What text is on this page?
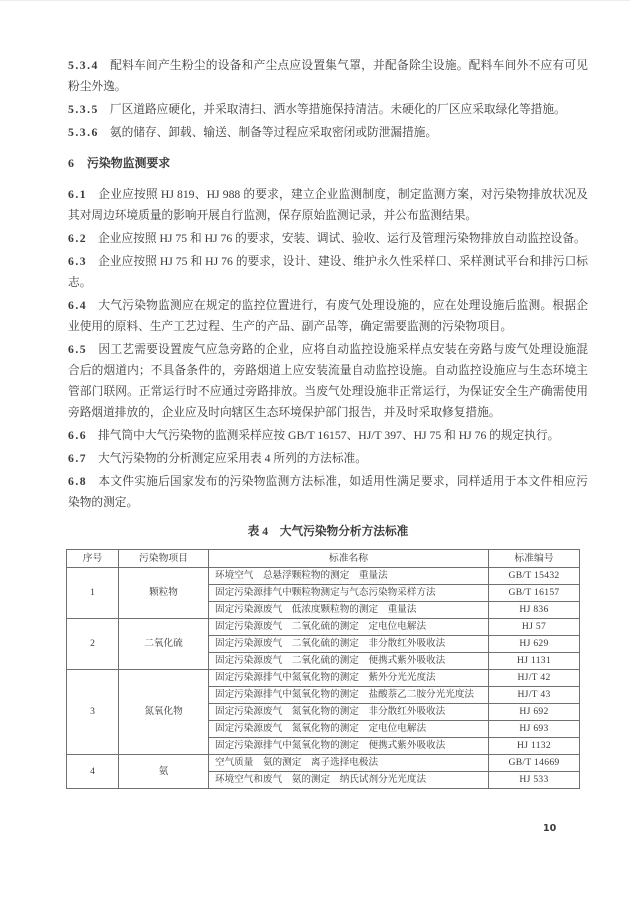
5.3.4 配料车间产生粉尘的设备和产尘点应设置集气罩，并配备除尘设施。配料车间外不应有可见粉尘外逸。

5.3.5 厂区道路应硬化，并采取清扫、洒水等措施保持清洁。未硬化的厂区应采取绿化等措施。

5.3.6 氨的储存、卸载、输送、制备等过程应采取密闭或防泄漏措施。

6 污染物监测要求

6.1 企业应按照 HJ 819、HJ 988 的要求，建立企业监测制度，制定监测方案，对污染物排放状况及其对周边环境质量的影响开展自行监测，保存原始监测记录，并公布监测结果。

6.2 企业应按照 HJ 75 和 HJ 76 的要求，安装、调试、验收、运行及管理污染物排放自动监控设备。

6.3 企业应按照 HJ 75 和 HJ 76 的要求，设计、建设、维护永久性采样口、采样测试平台和排污口标志。

6.4 大气污染物监测应在规定的监控位置进行，有废气处理设施的，应在处理设施后监测。根据企业使用的原料、生产工艺过程、生产的产品、副产品等，确定需要监测的污染物项目。

6.5 因工艺需要设置废气应急旁路的企业，应将自动监控设施采样点安装在旁路与废气处理设施混合后的烟道内；不具备条件的，旁路烟道上应安装流量自动监控设施。自动监控设施应与生态环境主管部门联网。正常运行时不应通过旁路排放。当废气处理设施非正常运行，为保证安全生产确需使用旁路烟道排放的，企业应及时向辖区生态环境保护部门报告，并及时采取修复措施。

6.6 排气筒中大气污染物的监测采样应按 GB/T 16157、HJ/T 397、HJ 75 和 HJ 76 的规定执行。

6.7 大气污染物的分析测定应采用表 4 所列的方法标准。

6.8 本文件实施后国家发布的污染物监测方法标准，如适用性满足要求，同样适用于本文件相应污染物的测定。

表 4　大气污染物分析方法标准
序号	污染物项目	标准名称	标准编号
1	颗粒物	环境空气　总悬浮颗粒物的测定　重量法	GB/T 15432
		固定污染源排气中颗粒物测定与气态污染物采样方法	GB/T 16157
		固定污染源废气　低浓度颗粒物的测定　重量法	HJ 836
2	二氧化硫	固定污染源废气　二氧化硫的测定　定电位电解法	HJ 57
		固定污染源废气　二氧化硫的测定　非分散红外吸收法	HJ 629
		固定污染源废气　二氧化硫的测定　便携式紫外吸收法	HJ 1131
3	氮氧化物	固定污染源排气中氮氧化物的测定　紫外分光光度法	HJ/T 42
		固定污染源排气中氮氧化物的测定　盐酸萘乙二胺分光光度法	HJ/T 43
		固定污染源废气　氮氧化物的测定　非分散红外吸收法	HJ 692
		固定污染源废气　氮氧化物的测定　定电位电解法	HJ 693
		固定污染源排气中氮氧化物的测定　便携式紫外吸收法	HJ 1132
4	氨	空气质量　氨的测定　离子选择电极法	GB/T 14669
		环境空气和废气　氨的测定　纳氏试剂分光光度法	HJ 533
10
